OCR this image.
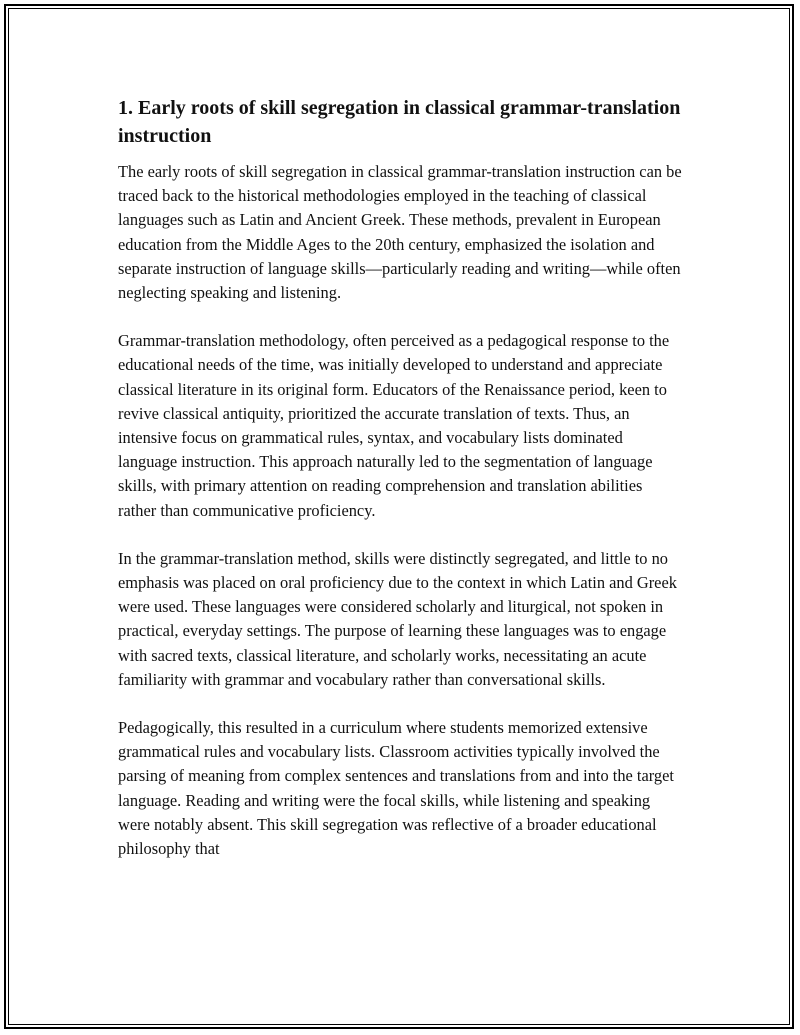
1. Early roots of skill segregation in classical grammar-translation instruction

The early roots of skill segregation in classical grammar-translation instruction can be traced back to the historical methodologies employed in the teaching of classical languages such as Latin and Ancient Greek. These methods, prevalent in European education from the Middle Ages to the 20th century, emphasized the isolation and separate instruction of language skills—particularly reading and writing—while often neglecting speaking and listening.

Grammar-translation methodology, often perceived as a pedagogical response to the educational needs of the time, was initially developed to understand and appreciate classical literature in its original form. Educators of the Renaissance period, keen to revive classical antiquity, prioritized the accurate translation of texts. Thus, an intensive focus on grammatical rules, syntax, and vocabulary lists dominated language instruction. This approach naturally led to the segmentation of language skills, with primary attention on reading comprehension and translation abilities rather than communicative proficiency.

In the grammar-translation method, skills were distinctly segregated, and little to no emphasis was placed on oral proficiency due to the context in which Latin and Greek were used. These languages were considered scholarly and liturgical, not spoken in practical, everyday settings. The purpose of learning these languages was to engage with sacred texts, classical literature, and scholarly works, necessitating an acute familiarity with grammar and vocabulary rather than conversational skills.

Pedagogically, this resulted in a curriculum where students memorized extensive grammatical rules and vocabulary lists. Classroom activities typically involved the parsing of meaning from complex sentences and translations from and into the target language. Reading and writing were the focal skills, while listening and speaking were notably absent. This skill segregation was reflective of a broader educational philosophy that
